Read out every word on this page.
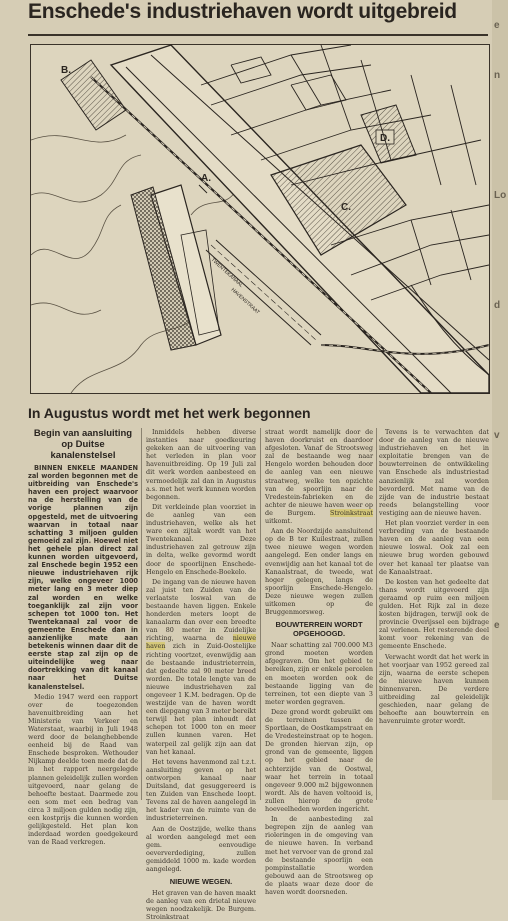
Enschede's industriehaven wordt uitgebreid
TWENTEKANAAL
HAVENSTRAAT
B.
A.
C.
D.
e
n
Lo
d
v
e
In Augustus wordt met het werk begonnen
Begin van aansluiting op Duitse kanalenstelsel

BINNEN ENKELE MAANDEN zal worden begonnen met de uitbreiding van Enschede's haven een project waarvoor na de herstelling van de vorige plannen zijn opgesteld, met de uitvoering waarvan in totaal naar schatting 3 miljoen gulden gemoeid zal zijn. Hoewel niet het gehele plan direct zal kunnen worden uitgevoerd, zal Enschede begin 1952 een nieuwe industriehaven rijk zijn, welke ongeveer 1000 meter lang en 3 meter diep zal worden en welke toeganklijk zal zijn voor schepen tot 1000 ton. Het Twentekanaal zal voor de gemeente Enschede dan in aanzienlijke mate aan betekenis winnen daar dit de eerste stap zal zijn op de uiteindelijke weg naar doortrekking van dit kanaal naar het Duitse kanalenstelsel.

Medio 1947 werd een rapport over de toegezonden havenuitbreiding aan het Ministerie van Verkeer en Waterstaat, waarbij in Juli 1948 werd door de belanghebbende eenheid bij de Raad van Enschede besproken. Wethouder Nijkamp deelde toen mede dat de in het rapport neergelegde plannen geleidelijk zullen worden uitgevoerd, naar gelang de behoefte bestaat. Daarmede zou een som met een bedrag van circa 3 miljoen gulden nodig zijn, een kostprijs die kunnen worden gelijkgesteld. Het plan kon inderdaad worden goedgekeurd van de Raad verkregen.

Inmiddels hebben diverse instanties naar goedkeuring gekeken aan de uitvoering van het verleden in plan voor havenuitbreiding. Op 19 Juli zal dit werk worden aanbesteed en vermoedelijk zal dan in Augustus a.s. met het werk kunnen worden begonnen.

Dit verkleinde plan voorziet in de aanleg van een industriehaven, welke als het ware een zijtak wordt van het Twentekanaal. Deze industriehaven zal getrouw zijn in delta, welke gevormd wordt door de spoorlijnen Enschede-Hengelo en Enschede-Boekelo.

De ingang van de nieuwe haven zal juist ten Zuiden van de verlaatste loswal van de bestaande haven liggen. Enkele honderden meters loopt de kanaalarm dan over een breedte van 80 meter in Zuidelijke richting, waarna de nieuwe haven zich in Zuid-Oostelijke richting voortzet, evenwijdig aan de bestaande industrieterrein, dat gedeelte zal 90 meter breed worden. De totale lengte van de nieuwe industriehaven zal ongeveer 1 K.M. bedragen. Op de westzijde van de haven wordt een diepgang van 3 meter bereikt terwijl het plan inhoudt dat schepen tot 1000 ton en meer zullen kunnen varen. Het waterpeil zal gelijk zijn aan dat van het kanaal.

Het tevens havenmond zal t.z.t. aansluiting geven op het ontworpen kanaal naar Duitsland, dat gesuggereerd is ten Zuiden van Enschede loopt. Tevens zal de haven aangelegd in het kader van de ruimte van de industrieterreinen.

Aan de Oostzijde, welke thans al worden aangelegd met een gem. eenvoudige oeververdediging, zullen gemiddeld 1000 m. kade worden aangelegd.

NIEUWE WEGEN.

Het graven van de haven maakt de aanleg van een drietal nieuwe wegen noodzakelijk. De Burgem. Stroinkstraat

straat wordt namelijk door de haven doorkruist en daardoor afgesloten. Vanaf de Strootsweg zal de bestaande weg naar Hengelo worden behouden door de aanleg van een nieuwe straatweg, welke ten opzichte van de spoorlijn naar de Vredestein-fabrieken en de achter de nieuwe haven weer op de Burgem. Stroinkstraat uitkomt.

Aan de Noordzijde aansluitend op de B ter Kuilestraat, zullen twee nieuwe wegen worden aangelegd. Een onder langs en evenwijdig aan het kanaal tot de Kanaalstraat, de tweede, wat hoger gelegen, langs de spoorlijn Enschede-Hengelo. Deze nieuwe wegen zullen uitkomen op de Bruggenmorsweg.

BOUWTERREIN WORDT OPGEHOOGD.

Naar schatting zal 700.000 M3 grond moeten worden afgegraven. Om het gebied te bereiken, zijn er enkele percelen en moeten worden ook de bestaande ligging van de terreinen, tot een diepte van 3 meter worden gegraven.

Deze grond wordt gebruikt om de terreinen tussen de Sportlaan, de Oostkampstraat en de Vredesteinstraat op te hogen. De gronden hiervan zijn, op grond van de gemeente, liggen op het gebied naar de achterzijde van de Oostwal, waar het terrein in totaal ongeveer 9.000 m2 bijgewonnen wordt. Als de haven voltooid is, zullen hierop de grote hoeveelheden worden ingericht.

In de aanbesteding zal begrepen zijn de aanleg van rioleringen in de omgeving van de nieuwe haven. In verband met het vervoer van de grond zal de bestaande spoorlijn een pompinstallatie worden gebouwd aan de Strootsweg op de plaats waar deze door de haven wordt doorsneden.

Tevens is te verwachten dat door de aanleg van de nieuwe industriehaven en het in exploitatie brengen van de bouwterreinen de ontwikkeling van Enschede als industriestad aanzienlijk zal worden bevorderd. Met name van de zijde van de industrie bestaat reeds belangstelling voor vestiging aan de nieuwe haven.

Het plan voorziet verder in een verbreding van de bestaande haven en de aanleg van een nieuwe loswal. Ook zal een nieuwe brug worden gebouwd over het kanaal ter plaatse van de Kanaalstraat.

De kosten van het gedeelte dat thans wordt uitgevoerd zijn geraamd op ruim een miljoen gulden. Het Rijk zal in deze kosten bijdragen, terwijl ook de provincie Overijssel een bijdrage zal verlenen. Het resterende deel komt voor rekening van de gemeente Enschede.

Verwacht wordt dat het werk in het voorjaar van 1952 gereed zal zijn, waarna de eerste schepen de nieuwe haven kunnen binnenvaren. De verdere uitbreiding zal geleidelijk geschieden, naar gelang de behoefte aan bouwterrein en havenruimte groter wordt.
